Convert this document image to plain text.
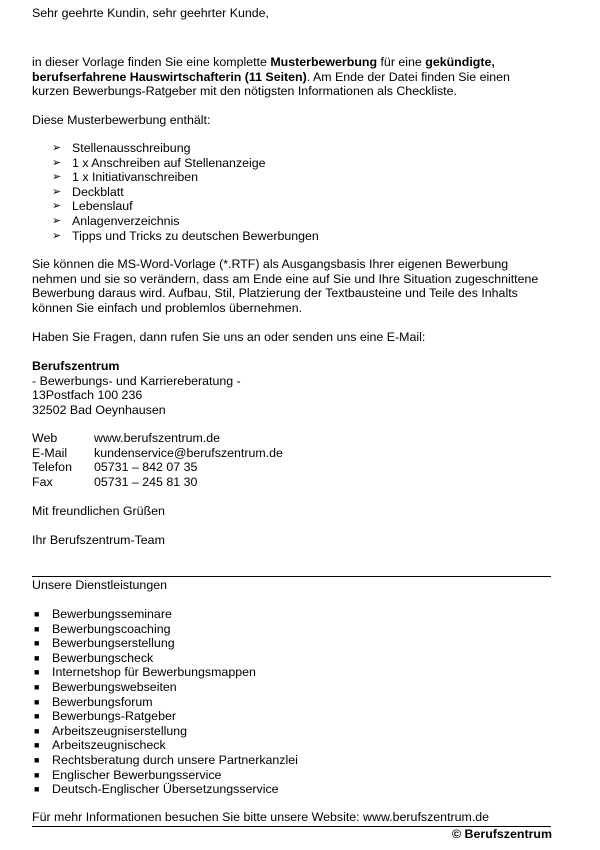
Sehr geehrte Kundin, sehr geehrter Kunde,
in dieser Vorlage finden Sie eine komplette Musterbewerbung für eine gekündigte,
berufserfahrene Hauswirtschafterin (11 Seiten). Am Ende der Datei finden Sie einen
kurzen Bewerbungs-Ratgeber mit den nötigsten Informationen als Checkliste.
Diese Musterbewerbung enthält:
➢ Stellenausschreibung
➢ 1 x Anschreiben auf Stellenanzeige
➢ 1 x Initiativanschreiben
➢ Deckblatt
➢ Lebenslauf
➢ Anlagenverzeichnis
➢ Tipps und Tricks zu deutschen Bewerbungen
Sie können die MS-Word-Vorlage (*.RTF) als Ausgangsbasis Ihrer eigenen Bewerbung
nehmen und sie so verändern, dass am Ende eine auf Sie und Ihre Situation zugeschnittene
Bewerbung daraus wird. Aufbau, Stil, Platzierung der Textbausteine und Teile des Inhalts
können Sie einfach und problemlos übernehmen.
Haben Sie Fragen, dann rufen Sie uns an oder senden uns eine E-Mail:
Berufszentrum
- Bewerbungs- und Karriereberatung -
13Postfach 100 236
32502 Bad Oeynhausen
Web	www.berufszentrum.de
E-Mail	kundenservice@berufszentrum.de
Telefon	05731 – 842 07 35
Fax	05731 – 245 81 30
Mit freundlichen Grüßen
Ihr Berufszentrum-Team
Unsere Dienstleistungen
■	Bewerbungsseminare
■	Bewerbungscoaching
■	Bewerbungserstellung
■	Bewerbungscheck
■	Internetshop für Bewerbungsmappen
■	Bewerbungswebseiten
■	Bewerbungsforum
■	Bewerbungs-Ratgeber
■	Arbeitszeugniserstellung
■	Arbeitszeugnischeck
■	Rechtsberatung durch unsere Partnerkanzlei
■	Englischer Bewerbungsservice
■	Deutsch-Englischer Übersetzungsservice
Für mehr Informationen besuchen Sie bitte unsere Website: www.berufszentrum.de
© Berufszentrum
